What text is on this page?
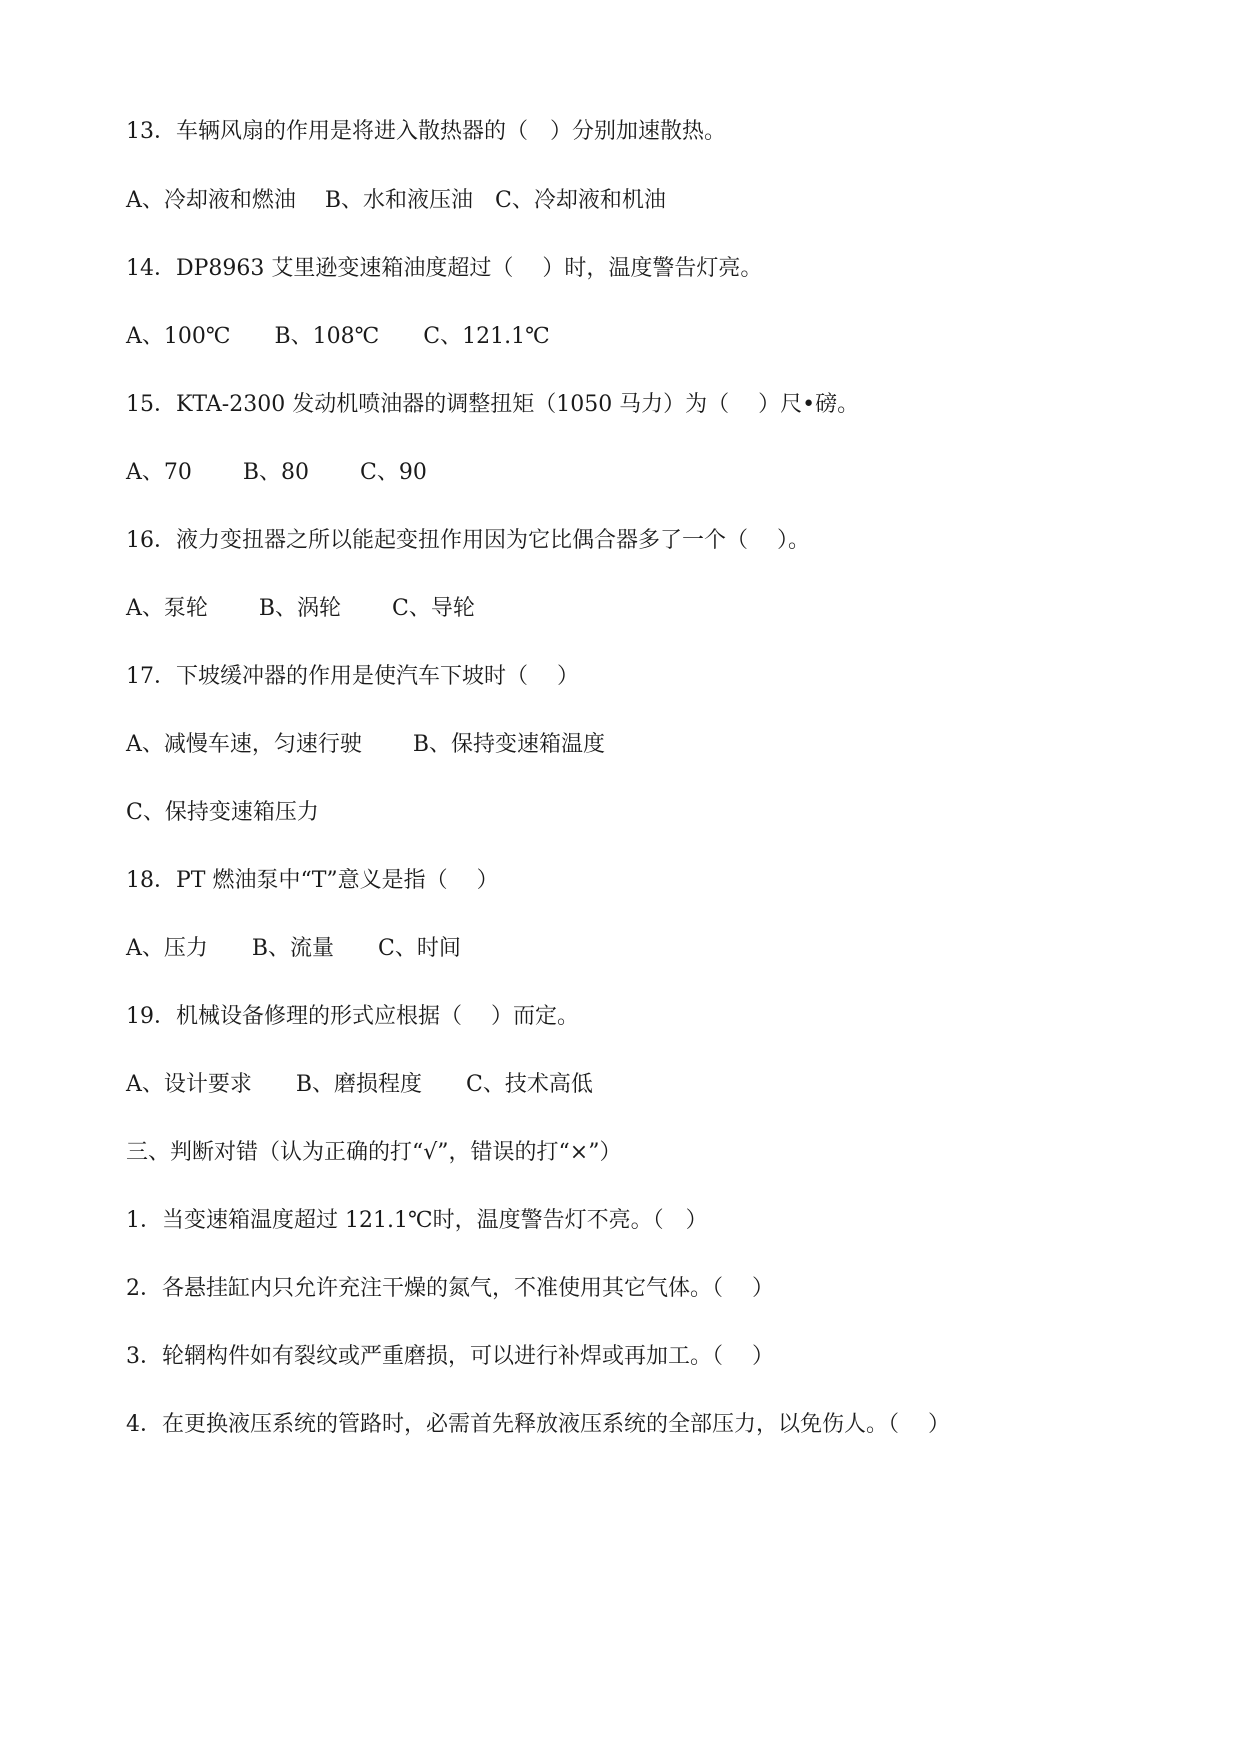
13．车辆风扇的作用是将进入散热器的（　）分别加速散热。
A、冷却液和燃油　 B、水和液压油　C、冷却液和机油
14．DP8963 艾里逊变速箱油度超过（　 ）时，温度警告灯亮。
A、100℃　　B、108℃　　C、121.1℃
15．KTA-2300 发动机喷油器的调整扭矩（1050 马力）为（　 ）尺•磅。
A、70　　 B、80　　 C、90
16．液力变扭器之所以能起变扭作用因为它比偶合器多了一个（　 ）。
A、泵轮　　 B、涡轮　　 C、导轮
17．下坡缓冲器的作用是使汽车下坡时（　 ）
A、减慢车速，匀速行驶　　 B、保持变速箱温度
C、保持变速箱压力
18．PT 燃油泵中“T”意义是指（　 ）
A、压力　　B、流量　　C、时间
19．机械设备修理的形式应根据（　 ）而定。
A、设计要求　　B、磨损程度　　C、技术高低
三、判断对错（认为正确的打“√”，错误的打“×”）
1．当变速箱温度超过 121.1℃时，温度警告灯不亮。（　）
2．各悬挂缸内只允许充注干燥的氮气，不准使用其它气体。（　 ）
3．轮辋构件如有裂纹或严重磨损，可以进行补焊或再加工。（　 ）
4．在更换液压系统的管路时，必需首先释放液压系统的全部压力，以免伤人。（　 ）
